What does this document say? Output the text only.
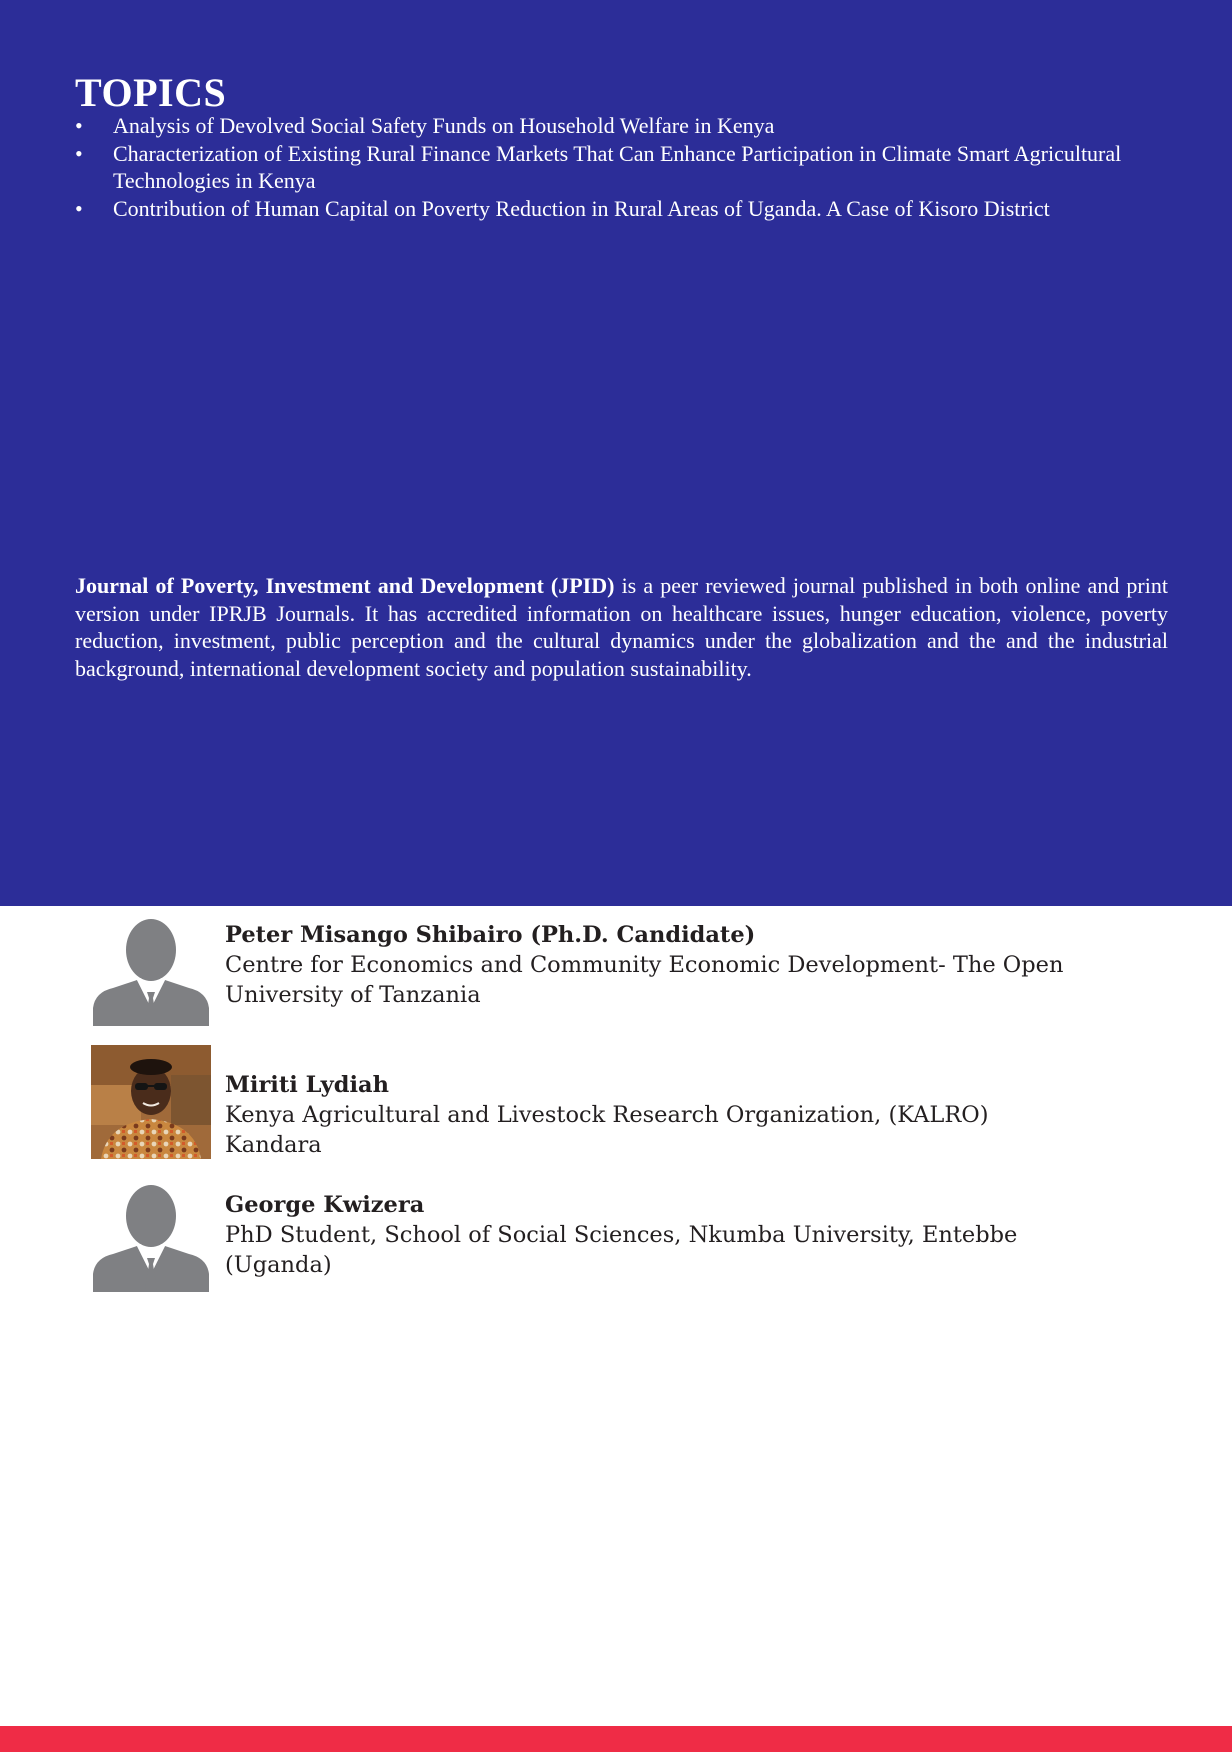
TOPICS
• Analysis of Devolved Social Safety Funds on Household Welfare in Kenya
• Characterization of Existing Rural Finance Markets That Can Enhance Participation in Climate Smart Agricultural Technologies in Kenya
• Contribution of Human Capital on Poverty Reduction in Rural Areas of Uganda. A Case of Kisoro District

Journal of Poverty, Investment and Development (JPID) is a peer reviewed journal published in both online and print version under IPRJB Journals. It has accredited information on healthcare issues, hunger education, violence, poverty reduction, investment, public perception and the cultural dynamics under the globalization and the and the industrial background, international development society and population sustainability.

Peter Misango Shibairo (Ph.D. Candidate)
Centre for Economics and Community Economic Development- The Open University of Tanzania
Miriti Lydiah
Kenya Agricultural and Livestock Research Organization, (KALRO) Kandara
George Kwizera
PhD Student, School of Social Sciences, Nkumba University, Entebbe (Uganda)
